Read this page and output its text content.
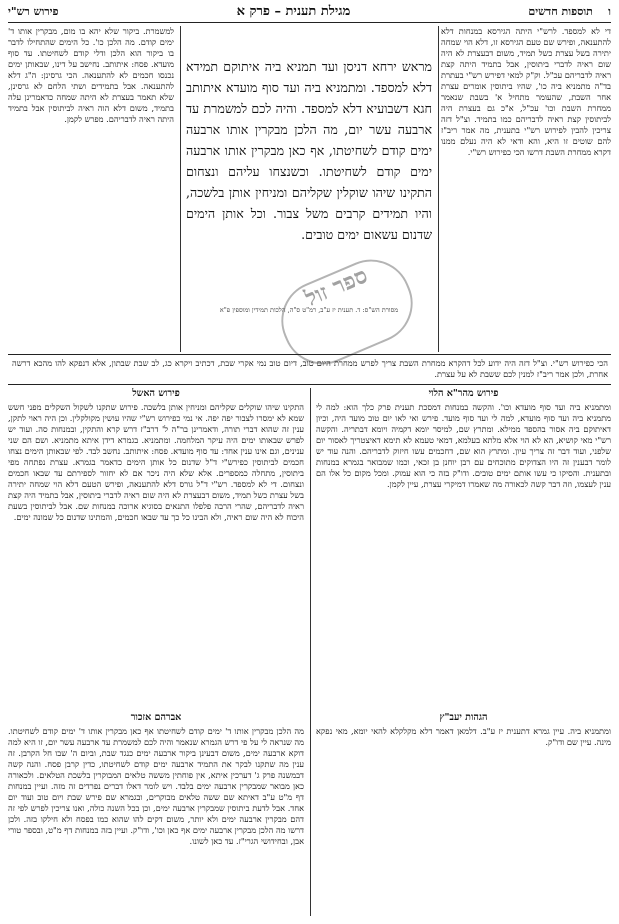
ו    תוספות חדשים
מגילת תענית – פרק א
פירוש רש"י
די לא למספד. לרש"י היתה הגירסא במנחות דלא להתענאה, ופירש שם טעם הגירסא זו, דלא הוי שמחה יתירה בשל עצרת כשל תמיד, משום דבעצרת לא היה שום ראיה לדברי ביתוסין, אבל בתמיד היתה קצת ראיה לדבריהם עכ"ל. וק"ק למאי דפירש רש"י בעתרת בד"ה מתמניא ביה כו', שהיו ביתוסין אומרים עצרת אחר השבת, שהעומר מתחיל א' בשבת שנאמר ממחרת השבת וכו' עכ"ל, א"כ גם בעצרת היה לביתוסין קצת ראיה לדבריהם כמו בתמיד. וצ"ל דזה צריכין להבין לפירוש רש"י בתענית, מה אמר ריב"ז להם שוטים זו היא, והא ודאי לא היה נעלם ממנו דקרא ממחרת השבת דרשו הכי כפירוש רש"י.
מראש ירחא דניסן ועד תמניא ביה איתוקם תמידא דלא למספד. ומתמניא ביה ועד סוף מועדא איתותב חגא דשבועיא דלא למספד. והיה לכם למשמרת עד ארבעה עשר יום, מה הלכן מבקרין אותו ארבעה ימים קודם לשחיטתו, אף כאן מבקרין אותו ארבעה ימים קודם לשחיטתו. וכשנצחו עליהם ונצחום התקינו שיהו שוקלין שקליהם ומניחין אותן בלשכה, והיו תמידים קרבים משל צבור. וכל אותן הימים שדנום עשאום ימים טובים.
מסורת הש"ס: ד. תענית יז ע"ב, רמ"ט ס"ה, הלכות תמידין ומוספין פ"א
למשמרת. ביקור שלא יהא בו מום, מבקרין אותו ד' ימים קודם. מה הלכן כו'. כל הימים שהתחילו לדבר בו ביקור הוא הלכן ודלי קודם לשחיטתו. עד סוף מועדא. פסח: איתותב. נחישב על דינו, שבאותן ימים נכנסו חכמים לא להתענאה. הכי גרסינן: ה"ג דלא להתענאה. אבל בתמידים ושתי הלחם לא גרסינן, שלא תאמר בעצרת לא היתה שמחה כדאמרינן עלה בתמיד, משום דלא הוה ראיה לביתוסין אבל בתמיד היתה ראיה לדבריהם. מפרש לקמן.
ספר זול
הכי כפירוש רש"י. וצ"ל דזה היה ידוע לכל דהקרא ממחרת השבת צריך לפרש ממחרת היום טוב, דיום טוב נמי אקרי שבת, דכתיב ויקרא כג, לב שבת שבתון, אלא דנפקא להו מהכא דרשה אחרת, ולכן אמר ריב"ז למנין לכם ששבת לא על עצרת.
פירוש מהר"א הלוי
ומתמניא ביה ועד סוף מועדא וכו'. והקשה במנחות דמסכת תענית פרק כלך הוא: למה לי מתמניא ביה ועד סוף מועדא, למה לי ועד סוף מועד. פירש ואי לאו יום טוב מועד היה, וכיון דאיתוקם ביה אסור בהספד ממילא. ומתרץ שם, למיסר יומא דקמיה ויומא דבתריה. והקשה רש"י מאי קושיא, הא לא הוי אלא מלתא בעלמא, דמאי טעמא לא תימא דאיצטריך לאסור יום שלפני, ועוד דבר זה צריך עיון. ומתרץ הוא שם, דחכמים עשו חיזוק לדבריהם. והנה עוד יש לומר דבענין זה היו הצדוקים מתוכחים עם רבן יוחנן בן זכאי, וכמו שמבואר בגמרא במנחות ובתענית. והסיקו כי עשו אותם ימים טובים. ודו"ק בזה כי הוא עמוק. ומכל מקום כל אלו הם ענין לעצמו, וזה דבר קשה לכאורה מה שאמרו דמיקרי עצרת, עיין לקמן.
פירוש האשל
התקינו שיהו שוקלים שקליהם ומניחין אותן בלשכה. פירוש שתקנו לשקול השקלים מפני חשש שמא לא ימסרו לצבור יפה יפה. אי נמי כפירוש רש"י שהיו עושין מקולקלין. וכן היה ראוי לתקן, ענין זה שהוא דברי תורה, ודאמרינן בר"ה ל' דרב"ז דרש קרא והתקין, ובמנחות סה. ועוד יש לפרש שבאותו ימים היה עיקר המלחמה. ומתמניא. בגמרא דידן איתא מתמניא. ושם הם שני ענינים, וגם אינו ענין אחד: עד סוף מועדא. פסח: איתותב. נחשב לבד. לפי שבאותן הימים נצחו חכמים לביתוסין כפירש"י ד"ל שדנום כל אותן הימים כדאמר בגמרא. עצרת נפתחה מפי ביתוסין, מתחלה כמספרים. אלא שלא היה ניכר אם לא יחזור לספירתם עד שבאו חכמים ונצחום. די לא למספד. רש"י ד"ל גורס דלא להתענאה, ופירש הטעם דלא הוי שמחה יתירה בשל עצרת כשל תמיד, משום דבעצרת לא היה שום ראיה לדברי ביתוסין, אבל בתמיד היה קצת ראיה לדבריהם, שהרי הרבה פלפלו התנאים בסוגיא ארוכה במנחות שם. אבל לביתוסין בשעת היכוח לא היה שום ראיה, ולא הבינו כל כך עד שבאו חכמים, והמתינו שדנום כל שמונה ימים.
הגהות יעב"ץ
ומתמניא ביה. עיין גמרא דתענית יז ע"ב. דלמאן דאמר דלא מקלקלא להאי יומא, מאי נפקא מינה. עיין שם ודו"ק.
אברהם אזכור
מה הלכן מבקרין אותו ד' ימים קודם לשחיטתו אף כאן מבקרין אותו ד' ימים קודם לשחיטתו. מה שנראה לי על פי דרש הגמרא שנאמר והיה לכם למשמרת עד ארבעה עשר יום, זו היא למה דוקא ארבעה ימים, משום דבעינן ביקור ארבעה ימים כנגד שבת, וביום ה' שבו חל הקרבן. זה ענין מה שתקנו לבקר את התמיד ארבעה ימים קודם לשחיטתו, כדין קרבן פסח. והנה קשה דבמשנה פרק ג' דערכין איתא, אין פוחתין מששה טלאים המבוקרין בלשכת הטלאים. ולכאורה כאן מבואר שמבקרין ארבעה ימים בלבד. ויש לומר דאלו דברים נפרדים זה מזה. ועיין במנחות דף מ"ט ע"ב דאיתא שם ששה טלאים מבוקרים, ובגמרא שם פירש שבת ויום טוב ועוד יום אחד. אבל לדעת ביתוסין שמבקרין ארבעה ימים, וכן בכל השנה כולה, ואנו צריכין לפרש לפי זה דהם מבקרין ארבעה ימים ולא יותר, משום דקים להו שהוא כמו בפסח ולא חילקו בזה. ולכן דרשו מה הלכן מבקרין ארבעה ימים אף כאן וכו', ודו"ק. ועיין בזה במנחות דף מ"ט, ובספר טורי אבן, ובחידושי הגרי"ז. עד כאן לשונו.
